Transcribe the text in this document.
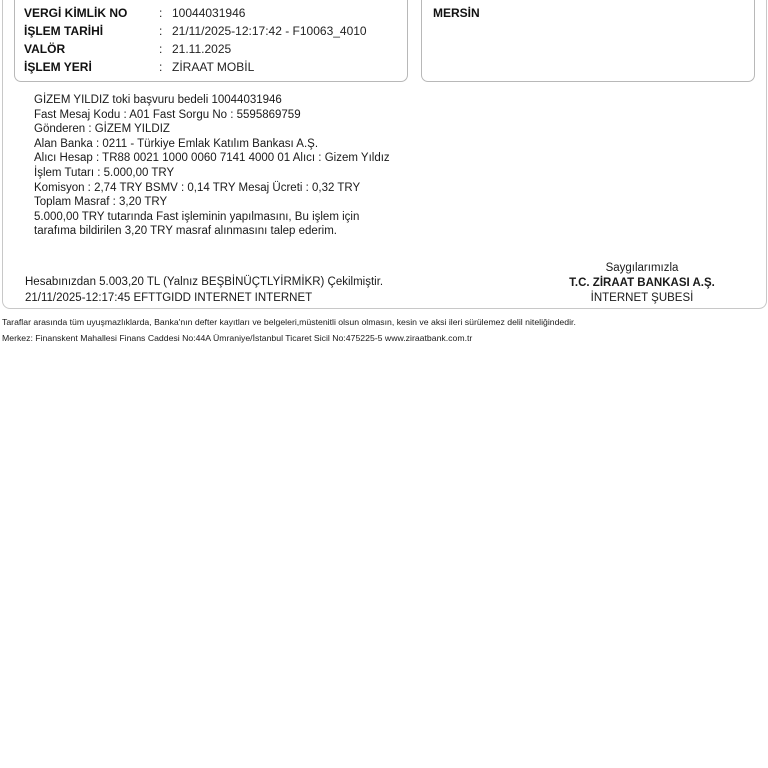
VERGİ KİMLİK NO	: 10044031946
İŞLEM TARİHİ	: 21/11/2025-12:17:42 - F10063_4010
VALÖR	: 21.11.2025
İŞLEM YERİ	: ZİRAAT MOBİL
MERSİN
GİZEM YILDIZ toki başvuru bedeli 10044031946
Fast Mesaj Kodu : A01 Fast Sorgu No : 5595869759
Gönderen : GİZEM YILDIZ
Alan Banka : 0211 - Türkiye Emlak Katılım Bankası A.Ş.
Alıcı Hesap : TR88 0021 1000 0060 7141 4000 01 Alıcı : Gizem Yıldız
İşlem Tutarı : 5.000,00 TRY
Komisyon : 2,74 TRY BSMV : 0,14 TRY Mesaj Ücreti : 0,32 TRY
Toplam Masraf : 3,20 TRY
5.000,00 TRY tutarında Fast işleminin yapılmasını, Bu işlem için
tarafıma bildirilen 3,20 TRY masraf alınmasını talep ederim.
Hesabınızdan 5.003,20 TL (Yalnız BEŞBİNÜÇTLYİRMİKR) Çekilmiştir.
21/11/2025-12:17:45 EFTTGIDD INTERNET INTERNET
Saygılarımızla
T.C. ZİRAAT BANKASI A.Ş.
İNTERNET ŞUBESİ
Taraflar arasında tüm uyuşmazlıklarda, Banka'nın defter kayıtları ve belgeleri,müstenitli olsun olmasın, kesin ve aksi ileri sürülemez delil niteliğindedir.
Merkez: Finanskent Mahallesi Finans Caddesi No:44A Ümraniye/İstanbul Ticaret Sicil No:475225-5 www.ziraatbank.com.tr
